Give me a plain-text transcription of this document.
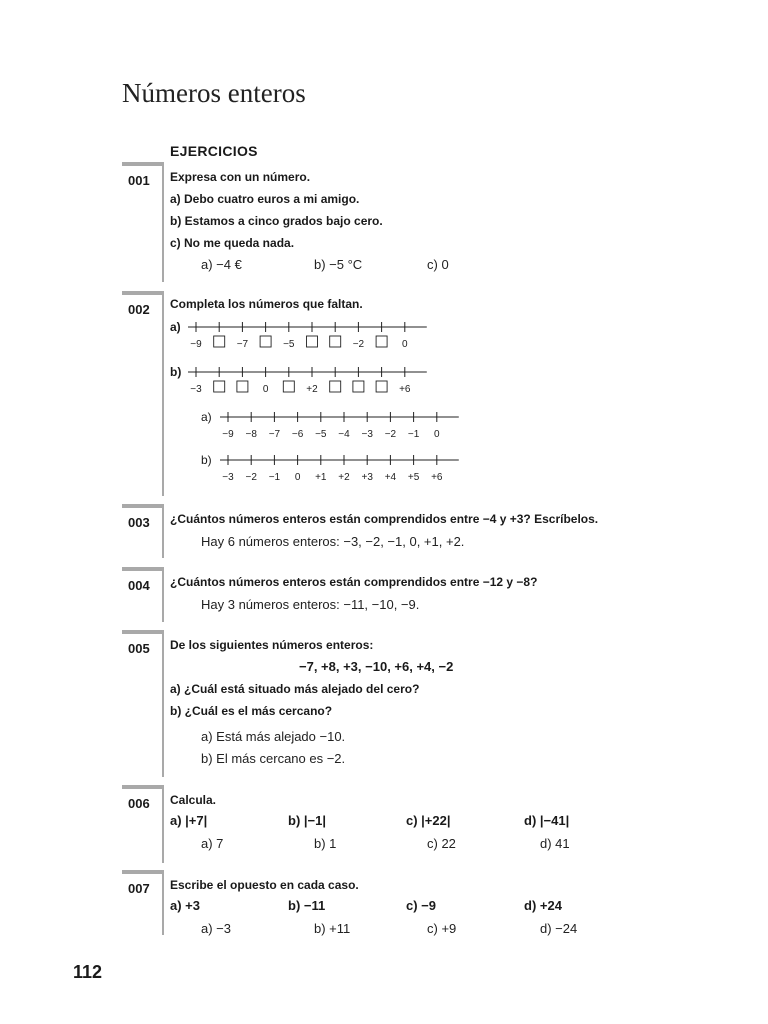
Números enteros
EJERCICIOS
001 Expresa con un número.
a) Debo cuatro euros a mi amigo.
b) Estamos a cinco grados bajo cero.
c) No me queda nada.
a) −4 €	b) −5 °C	c) 0
002 Completa los números que faltan.
a)
b)
a)
b)
−9	−7	−5	−2	0
−3	0	+2	+6
−9 −8 −7 −6 −5 −4 −3 −2 −1 0
−3 −2 −1 0 +1 +2 +3 +4 +5 +6
003 ¿Cuántos números enteros están comprendidos entre −4 y +3? Escríbelos.
Hay 6 números enteros: −3, −2, −1, 0, +1, +2.
004 ¿Cuántos números enteros están comprendidos entre −12 y −8?
Hay 3 números enteros: −11, −10, −9.
005 De los siguientes números enteros:
−7, +8, +3, −10, +6, +4, −2
a) ¿Cuál está situado más alejado del cero?
b) ¿Cuál es el más cercano?
a) Está más alejado −10.
b) El más cercano es −2.
006 Calcula.
a) |+7|	b) |−1|	c) |+22|	d) |−41|
a) 7	b) 1	c) 22	d) 41
007 Escribe el opuesto en cada caso.
a) +3	b) −11	c) −9	d) +24
a) −3	b) +11	c) +9	d) −24
112
